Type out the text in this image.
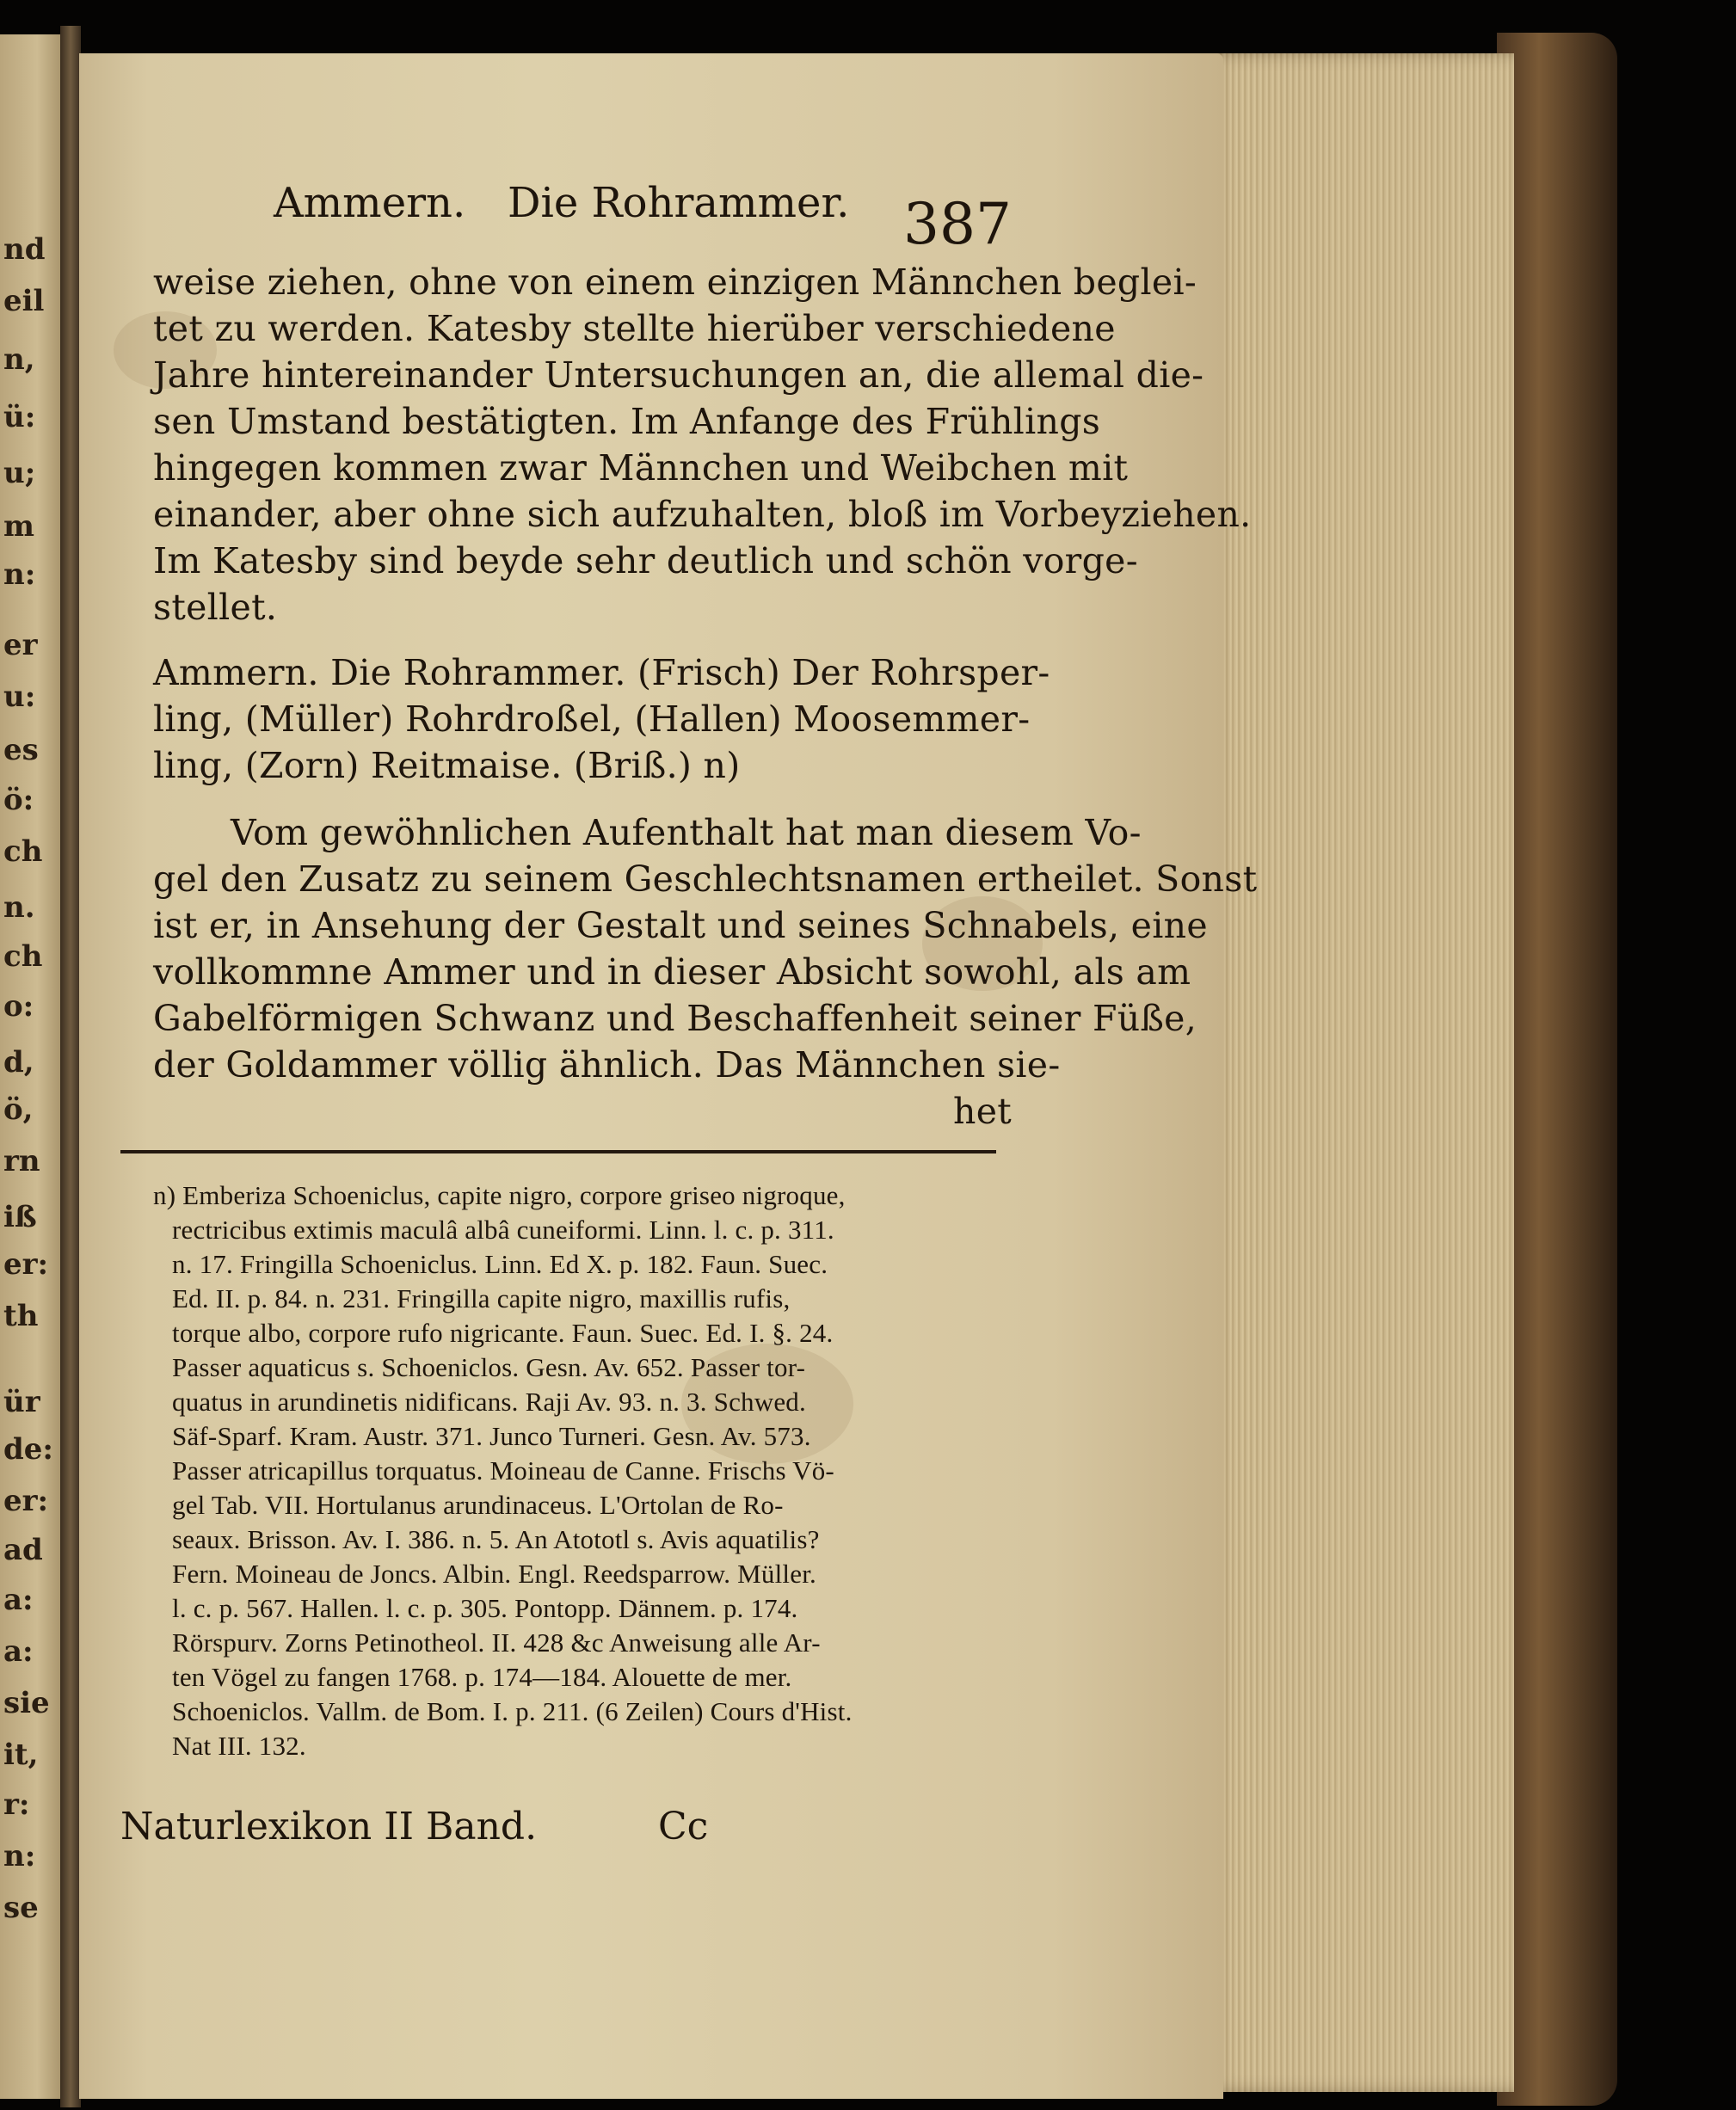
nd
eil
n,
ü:
u;
m
n:
er
u:
es
ö:
ch
n.
ch
o:
d,
ö,
rn
iß
er:
th
ür
de:
er:
ad
a:
a:
sie
it,
r:
n:
se
Ammern. Die Rohrammer. 387
weise ziehen, ohne von einem einzigen Männchen beglei-
tet zu werden. Katesby stellte hierüber verschiedene
Jahre hintereinander Untersuchungen an, die allemal die-
sen Umstand bestätigten. Im Anfange des Frühlings
hingegen kommen zwar Männchen und Weibchen mit
einander, aber ohne sich aufzuhalten, bloß im Vorbeyziehen.
Im Katesby sind beyde sehr deutlich und schön vorge-
stellet.
Ammern. Die Rohrammer. (Frisch) Der Rohrsper-
ling, (Müller) Rohrdroßel, (Hallen) Moosemmer-
ling, (Zorn) Reitmaise. (Briß.) n)
Vom gewöhnlichen Aufenthalt hat man diesem Vo-
gel den Zusatz zu seinem Geschlechtsnamen ertheilet. Sonst
ist er, in Ansehung der Gestalt und seines Schnabels, eine
vollkommne Ammer und in dieser Absicht sowohl, als am
Gabelförmigen Schwanz und Beschaffenheit seiner Füße,
der Goldammer völlig ähnlich. Das Männchen sie-
het
n) Emberiza Schoeniclus, capite nigro, corpore griseo nigroque,
rectricibus extimis maculâ albâ cuneiformi. Linn. l. c. p. 311.
n. 17. Fringilla Schoeniclus. Linn. Ed X. p. 182. Faun. Suec.
Ed. II. p. 84. n. 231. Fringilla capite nigro, maxillis rufis,
torque albo, corpore rufo nigricante. Faun. Suec. Ed. I. §. 24.
Passer aquaticus s. Schoeniclos. Gesn. Av. 652. Passer tor-
quatus in arundinetis nidificans. Raji Av. 93. n. 3. Schwed.
Säf-Sparf. Kram. Austr. 371. Junco Turneri. Gesn. Av. 573.
Passer atricapillus torquatus. Moineau de Canne. Frischs Vö-
gel Tab. VII. Hortulanus arundinaceus. L'Ortolan de Ro-
seaux. Brisson. Av. I. 386. n. 5. An Atototl s. Avis aquatilis?
Fern. Moineau de Joncs. Albin. Engl. Reedsparrow. Müller.
l. c. p. 567. Hallen. l. c. p. 305. Pontopp. Dännem. p. 174.
Rörspurv. Zorns Petinotheol. II. 428 &c Anweisung alle Ar-
ten Vögel zu fangen 1768. p. 174—184. Alouette de mer.
Schoeniclos. Vallm. de Bom. I. p. 211. (6 Zeilen) Cours d'Hist.
Nat III. 132.
Naturlexikon II Band.	Cc
